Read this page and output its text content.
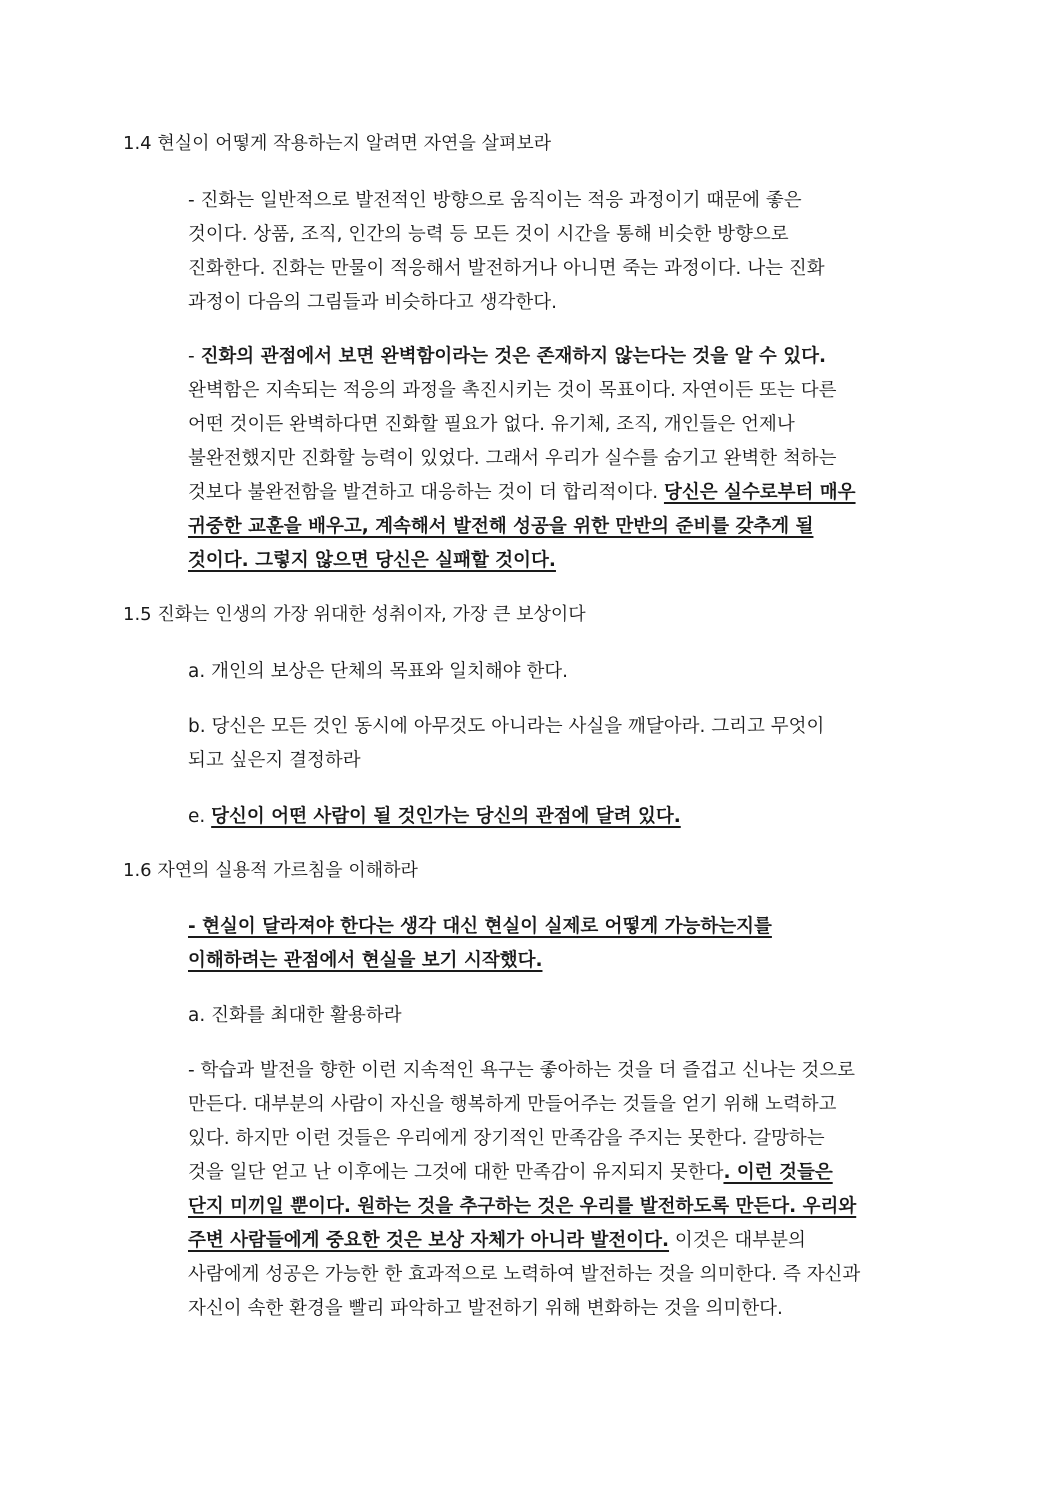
1.4 현실이 어떻게 작용하는지 알려면 자연을 살펴보라
- 진화는 일반적으로 발전적인 방향으로 움직이는 적응 과정이기 때문에 좋은
것이다. 상품, 조직, 인간의 능력 등 모든 것이 시간을 통해 비슷한 방향으로
진화한다. 진화는 만물이 적응해서 발전하거나 아니면 죽는 과정이다. 나는 진화
과정이 다음의 그림들과 비슷하다고 생각한다.
- 진화의 관점에서 보면 완벽함이라는 것은 존재하지 않는다는 것을 알 수 있다.
완벽함은 지속되는 적응의 과정을 촉진시키는 것이 목표이다. 자연이든 또는 다른
어떤 것이든 완벽하다면 진화할 필요가 없다. 유기체, 조직, 개인들은 언제나
불완전했지만 진화할 능력이 있었다. 그래서 우리가 실수를 숨기고 완벽한 척하는
것보다 불완전함을 발견하고 대응하는 것이 더 합리적이다. 당신은 실수로부터 매우
귀중한 교훈을 배우고, 계속해서 발전해 성공을 위한 만반의 준비를 갖추게 될
것이다. 그렇지 않으면 당신은 실패할 것이다.
1.5 진화는 인생의 가장 위대한 성취이자, 가장 큰 보상이다
a. 개인의 보상은 단체의 목표와 일치해야 한다.
b. 당신은 모든 것인 동시에 아무것도 아니라는 사실을 깨달아라. 그리고 무엇이
되고 싶은지 결정하라
e. 당신이 어떤 사람이 될 것인가는 당신의 관점에 달려 있다.
1.6 자연의 실용적 가르침을 이해하라
- 현실이 달라져야 한다는 생각 대신 현실이 실제로 어떻게 가능하는지를
이해하려는 관점에서 현실을 보기 시작했다.
a. 진화를 최대한 활용하라
- 학습과 발전을 향한 이런 지속적인 욕구는 좋아하는 것을 더 즐겁고 신나는 것으로
만든다. 대부분의 사람이 자신을 행복하게 만들어주는 것들을 얻기 위해 노력하고
있다. 하지만 이런 것들은 우리에게 장기적인 만족감을 주지는 못한다. 갈망하는
것을 일단 얻고 난 이후에는 그것에 대한 만족감이 유지되지 못한다. 이런 것들은
단지 미끼일 뿐이다. 원하는 것을 추구하는 것은 우리를 발전하도록 만든다. 우리와
주변 사람들에게 중요한 것은 보상 자체가 아니라 발전이다. 이것은 대부분의
사람에게 성공은 가능한 한 효과적으로 노력하여 발전하는 것을 의미한다. 즉 자신과
자신이 속한 환경을 빨리 파악하고 발전하기 위해 변화하는 것을 의미한다.
